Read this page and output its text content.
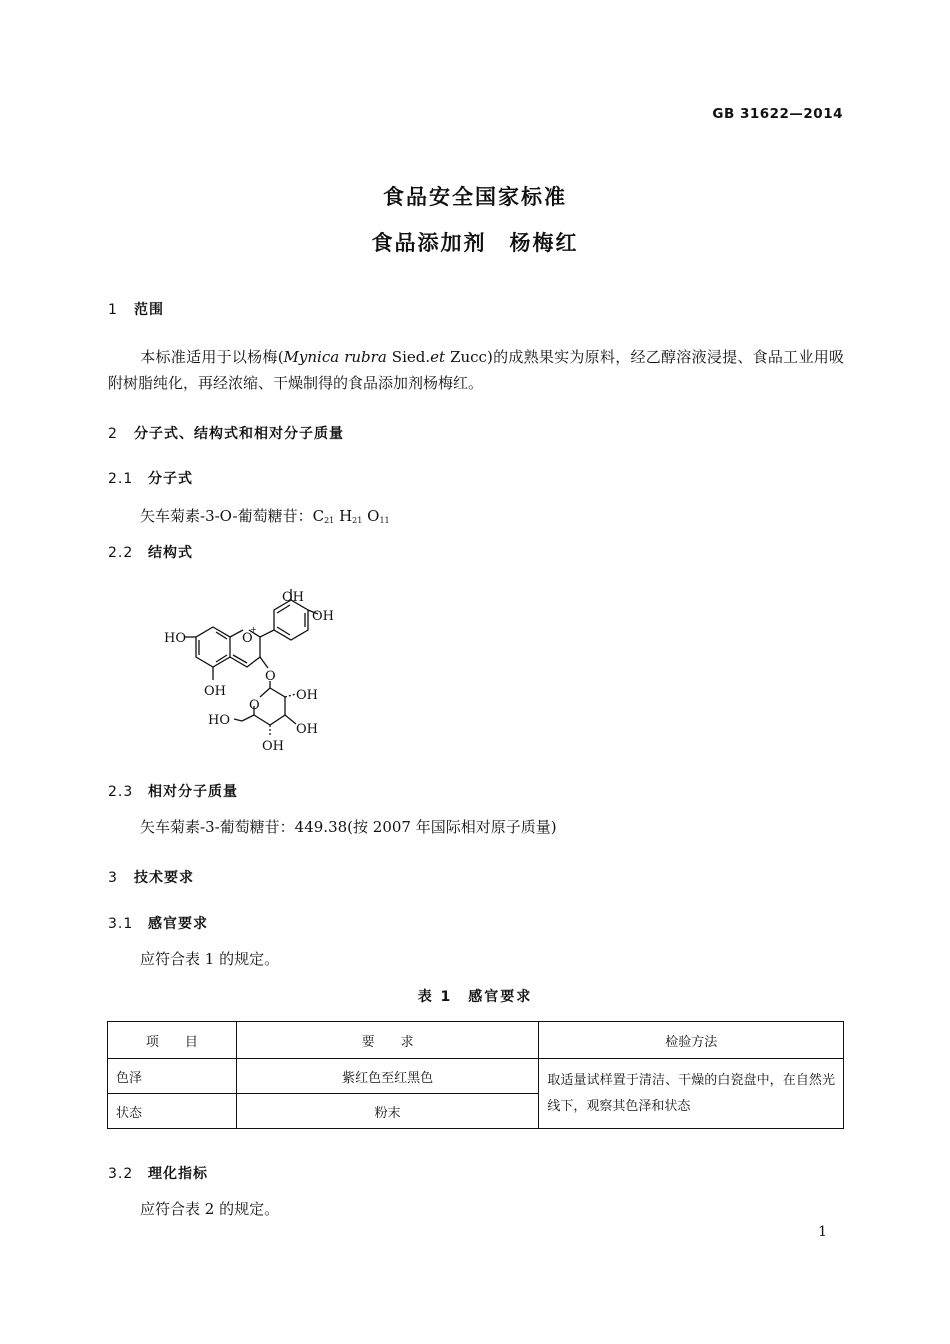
GB 31622—2014
食品安全国家标准
食品添加剂　杨梅红
1 范围
本标准适用于以杨梅(Mynica rubra Sied.et Zucc)的成熟果实为原料，经乙醇溶液浸提、食品工业用吸附树脂纯化，再经浓缩、干燥制得的食品添加剂杨梅红。
2 分子式、结构式和相对分子质量
2.1 分子式
矢车菊素-3-O-葡萄糖苷：$C_{21}$ $H_{21}$ $O_{11}$
2.2 结构式
HO	O
+
OH
OH
OH
O
O
OH
OH
OH
HO
2.3 相对分子质量
矢车菊素-3-葡萄糖苷：449.38(按 2007 年国际相对原子质量)
3 技术要求
3.1 感官要求
应符合表 1 的规定。
表 1　感官要求
项　　目	要　　求	检验方法
色泽	紫红色至红黑色	取适量试样置于清洁、干燥的白瓷盘中，在自然光线下，观察其色泽和状态
状态	粉末	
3.2 理化指标
应符合表 2 的规定。
1
